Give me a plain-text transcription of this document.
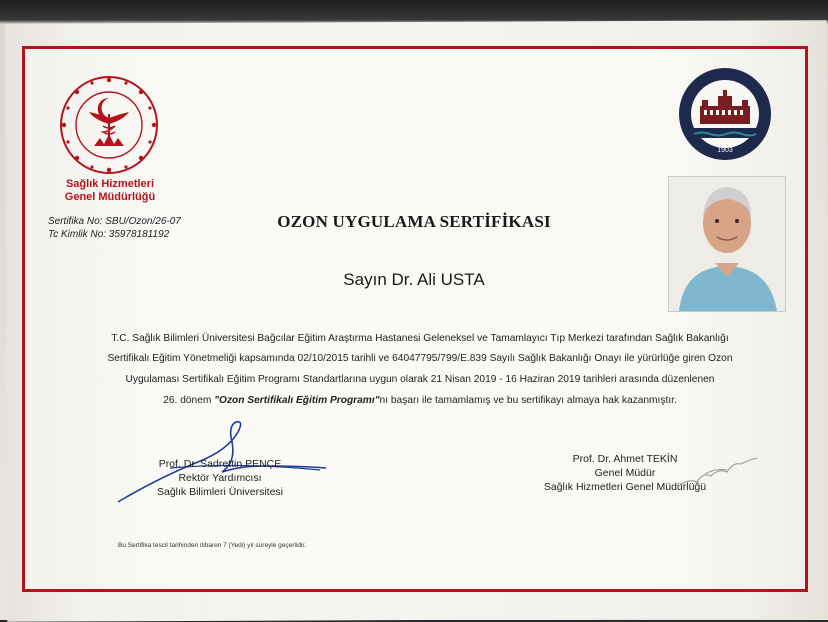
Sağlık Hizmetleri
Genel Müdürlüğü
Sertifika No: SBU/Ozon/26-07
Tc Kimlik No: 35978181192
1903
OZON UYGULAMA SERTİFİKASI
Sayın Dr. Ali USTA
T.C. Sağlık Bilimleri Üniversitesi Bağcılar Eğitim Araştırma Hastanesi Geleneksel ve Tamamlayıcı Tıp Merkezi tarafından Sağlık Bakanlığı
Sertifikalı Eğitim Yönetmeliği kapsamında 02/10/2015 tarihli ve 64047795/799/E.839 Sayılı Sağlık Bakanlığı Onayı ile yürürlüğe giren Ozon
Uygulaması Sertifikalı Eğitim Programı Standartlarına uygun olarak 21 Nisan 2019 - 16 Haziran 2019 tarihleri arasında düzenlenen
26. dönem "Ozon Sertifikalı Eğitim Programı"nı başarı ile tamamlamış ve bu sertifikayı almaya hak kazanmıştır.
Prof. Dr. Sadrettin PENÇE
Rektör Yardımcısı
Sağlık Bilimleri Üniversitesi
Prof. Dr. Ahmet TEKİN
Genel Müdür
Sağlık Hizmetleri Genel Müdürlüğü
Bu Sertifika tescil tarihinden itibaren 7 (Yedi) yıl süreyle geçerlidir.
